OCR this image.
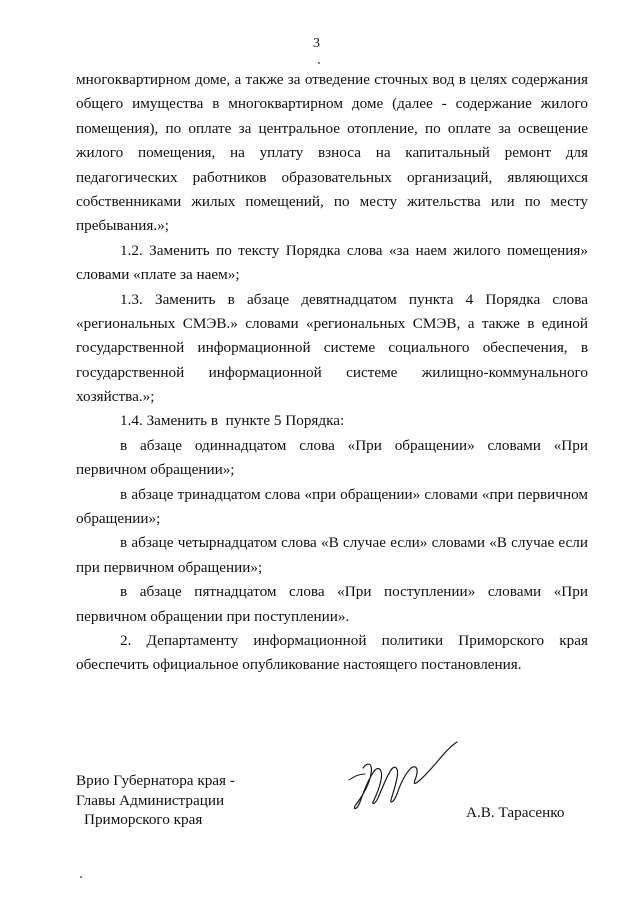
3
многоквартирном доме, а также за отведение сточных вод в целях содержания
общего имущества в многоквартирном доме (далее - содержание жилого
помещения), по оплате за центральное отопление, по оплате за освещение
жилого помещения, на уплату взноса на капитальный ремонт для
педагогических работников образовательных организаций, являющихся
собственниками жилых помещений, по месту жительства или по месту
пребывания.»;
1.2. Заменить по тексту Порядка слова «за наем жилого помещения»
словами «плате за наем»;
1.3. Заменить в абзаце девятнадцатом пункта 4 Порядка слова
«региональных СМЭВ.» словами «региональных СМЭВ, а также в единой
государственной информационной системе социального обеспечения, в
государственной информационной системе жилищно-коммунального
хозяйства.»;
1.4. Заменить в  пункте 5 Порядка:
в абзаце одиннадцатом слова «При обращении» словами «При
первичном обращении»;
в абзаце тринадцатом слова «при обращении» словами «при первичном
обращении»;
в абзаце четырнадцатом слова «В случае если» словами «В случае если
при первичном обращении»;
в абзаце пятнадцатом слова «При поступлении» словами «При
первичном обращении при поступлении».
2. Департаменту информационной политики Приморского края
обеспечить официальное опубликование настоящего постановления.
Врио Губернатора края -
Главы Администрации
Приморского края	А.В. Тарасенко
